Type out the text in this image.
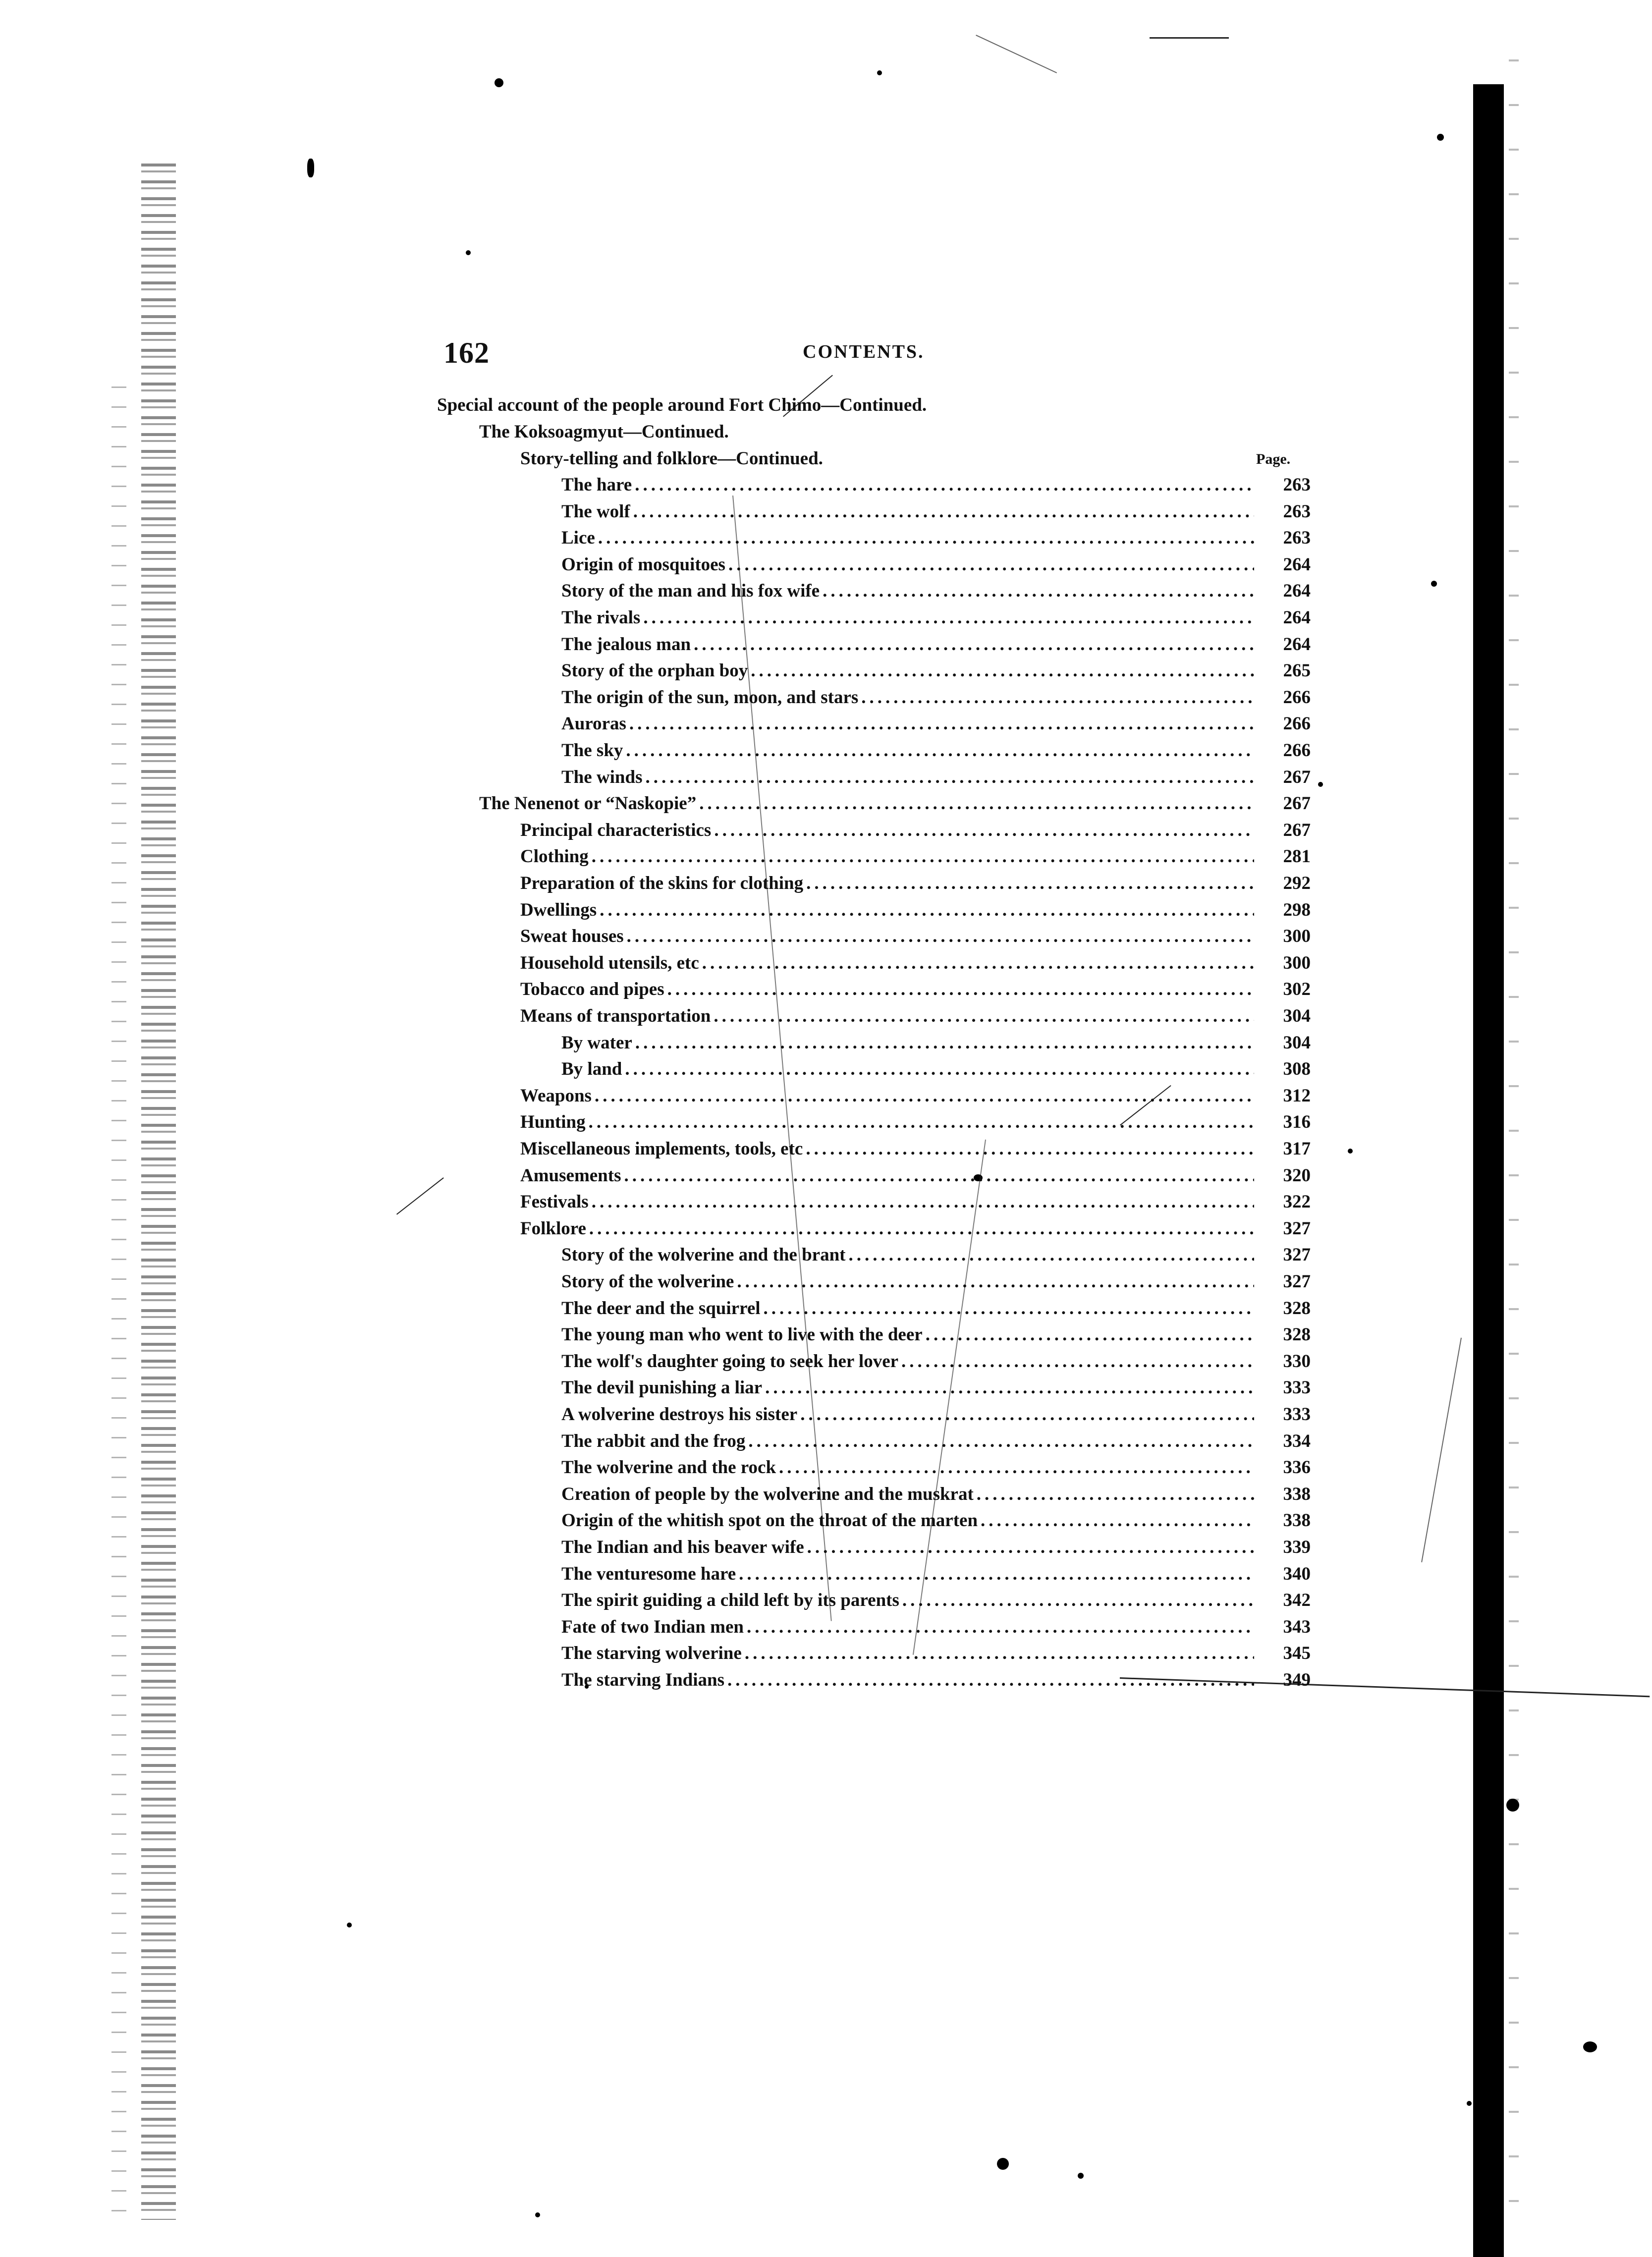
162	CONTENTS.
Special account of the people around Fort Chimo—Continued.
The Koksoagmyut—Continued.
Story-telling and folklore—Continued.	Page.
The hare .....	263
The wolf .....	263
Lice .....	263
Origin of mosquitoes .....	264
Story of the man and his fox wife .....	264
The rivals .....	264
The jealous man .....	264
Story of the orphan boy .....	265
The origin of the sun, moon, and stars .....	266
Auroras .....	266
The sky .....	266
The winds .....	267
The Nenenot or “Naskopie” .....	267
Principal characteristics .....	267
Clothing .....	281
Preparation of the skins for clothing .....	292
Dwellings .....	298
Sweat houses .....	300
Household utensils, etc .....	300
Tobacco and pipes .....	302
Means of transportation .....	304
By water .....	304
By land .....	308
Weapons .....	312
Hunting .....	316
Miscellaneous implements, tools, etc .....	317
Amusements .....	320
Festivals .....	322
Folklore .....	327
Story of the wolverine and the brant .....	327
Story of the wolverine .....	327
The deer and the squirrel .....	328
The young man who went to live with the deer .....	328
The wolf's daughter going to seek her lover .....	330
The devil punishing a liar .....	333
A wolverine destroys his sister .....	333
The rabbit and the frog .....	334
The wolverine and the rock .....	336
Creation of people by the wolverine and the muskrat .....	338
Origin of the whitish spot on the throat of the marten .....	338
The Indian and his beaver wife .....	339
The venturesome hare .....	340
The spirit guiding a child left by its parents .....	342
Fate of two Indian men .....	343
The starving wolverine .....	345
The starving Indians .....	349
